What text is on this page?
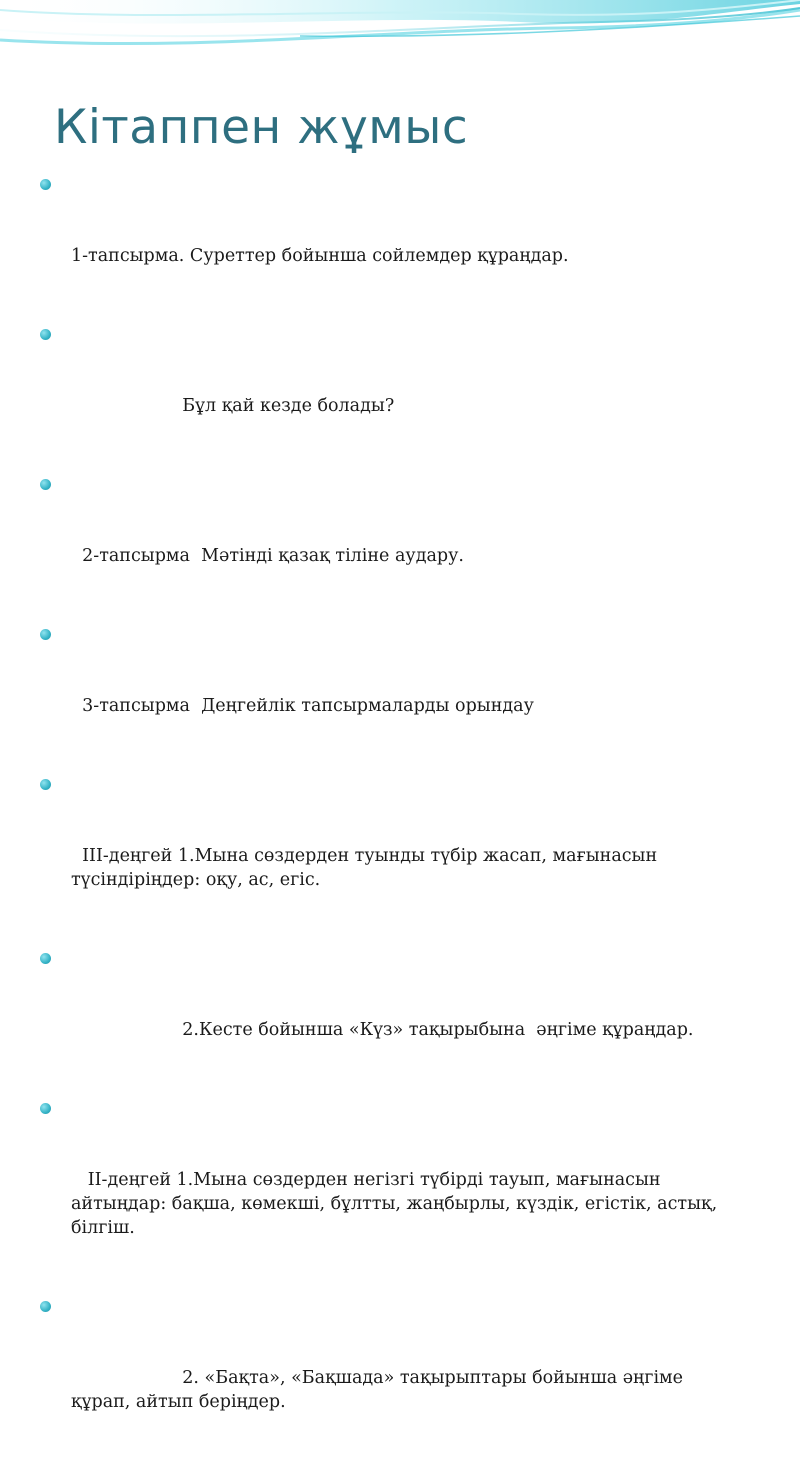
Кітаппен жұмыс

1-тапсырма. Суреттер бойынша сойлемдер құраңдар.

Бұл қай кезде болады?

2-тапсырма  Мәтінді қазақ тіліне аудару.

3-тапсырма  Деңгейлік тапсырмаларды орындау

ІІІ-деңгей 1.Мына сөздерден туынды түбір жасап, мағынасын түсіндіріңдер: оқу, ас, егіс.

2.Кесте бойынша «Күз» тақырыбына  әңгіме құраңдар.

ІІ-деңгей 1.Мына сөздерден негізгі түбірді тауып, мағынасын айтыңдар: бақша, көмекші, бұлтты, жаңбырлы, күздік, егістік, астық, білгіш.

2. «Бақта», «Бақшада» тақырыптары бойынша әңгіме құрап, айтып беріңдер.
